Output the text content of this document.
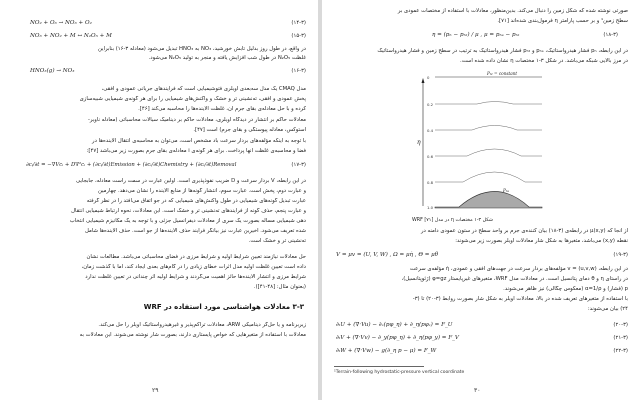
NO₂ + O₃ → NO₃ + O₂	(۱۴-۳)
NO₃ + NO₂ + M ↔ N₂O₅ + M	(۱۵-۳)
در واقع، در طول روز بدلیل تابش خورشید، NO₃ به HNO₃ تبدیل می‌شود (معادله ۳-۱۶) بنابراین
غلظت N₂O₅ در طول شب افزایش یافته و منجر به تولید N₂O₅ می‌شود.
HNO₃(g) → NO₃	(۱۶-۳)
مدل CMAQ یک مدل سه‌بعدی اویلری فتوشیمیایی است که فرایندهای جریانی عمودی و افقی،
پخش عمودی و افقی، ته‌نشینی تر و خشک و واکنش‌های شیمیایی را برای هر گونه‌ی شیمیایی شبیه‌سازی
کرده و با حل معادله‌ی بقای جرم آن، غلظت آلاینده‌ها را محاسبه می‌کند [۴۶].
معادلات حاکم بر انتشار در دیدگاه اویلری، معادلات حاکم بر دینامیک سیالات محاسباتی (معادله ناویر-
استوکس، معادله پیوستگی و بقای جرم) است [۴۷].
با توجه به اینکه مؤلفه‌های بردار سرعت باد مشخص است، می‌توان به محاسبه‌ی انتقال آلاینده‌ها در
فضا و محاسبه‌ی غلظت آنها پرداخت. برای هر گونه‌ی i معادله‌ی بقای جرم بصورت زیر می‌باشد [۴۷]:
∂cᵢ/∂t = −∇Vcᵢ + D∇²cᵢ + (∂cᵢ/∂t)Emission + (∂cᵢ/∂t)Chemistry + (∂cᵢ/∂t)Removal	(۱۷-۳)
در این رابطه، V بردار سرعت و D ضریب نفوذپذیری است. اولین عبارت در سمت راست معادله، جابجایی
و عبارت دوم، پخش است. عبارت سوم، انتشار گونه‌ها از منابع آلاینده را نشان می‌دهد. چهارمین
عبارت تبدیل گونه‌های شیمیایی در طول واکنش‌های شیمیایی که در جو اتفاق می‌افتد را در نظر گرفته
و عبارت پنجم، حذف گونه از فرایندهای ته‌نشینی تر و خشک است. این معادلات، نحوه ارتباط شیمیایی انتقال
دهی شیمیایی مسأله بصورت یک سری از معادلات دیفرانسیل جزئی و با توجه به یک مکانیزم شیمیایی انتخاب
شده تعریف می‌شود. اخیرین عبارت نیز بیانگر فرآیند حذف آلاینده‌ها از جو است. حذف آلاینده‌ها شامل
ته‌نشینی تر و خشک است.
حل معادلات نیازمند تعیین شرایط اولیه و شرایط مرزی در فضای محاسباتی می‌باشد. مطالعات نشان
داده است تعیین غلظت اولیه مدل اثرات خطای زیادی را در گام‌های بعدی ایجاد کند، اما با گذشت زمان،
شرایط مرزی و انتشار آلاینده‌ها حائز اهمیت می‌گردند و شرایط اولیه اثر چندانی در تعیین غلظت ندارد
(بعنوان مثال: [۴۸-۴۱]).
۳-۳ معادلات هواشناسی مورد استفاده در WRF
زیربرنامه و یا حل‌گر دینامیکی ARW، معادلات تراکم‌پذیر و غیرهیدرواستاتیک اویلر را حل می‌کند.
معادلات با استفاده از متغیرهایی که خواص پایستاری دارند، بصورت شار نوشته می‌شوند. این معادلات به
۲۹
صورتی نوشته شده که شکل زمین را دنبال می‌کند. بدین‌منظور، معادلات با استفاده از مختصات عمودی بر
سطح زمین¹ و بر حسب پارامتر η فرمول‌بندی شده‌اند [۷۱].
η = (pₕ − pₕₜ) / μ , μ = pₕₛ − pₕₜ	(۱۸-۳)
در این رابطه، pₕ فشار هیدرواستاتیک، pₕₛ و pₕₜ فشار هیدرواستاتیک به ترتیب در سطح زمین و فشار هیدرواستاتیک
در مرز بالایی شبکه می‌باشد. در شکل ۳-۱ مختصات η نشان داده شده است.
Pₕₜ = constant
η
0
0.2
0.4
0.6
0.8
1.0
Pₕₛ
شکل ۳-۱ مختصات η در مدل WRF [۷۱]
از آنجا که μ(x,y) در رابطه‌ی (۳-۱۸) بیان کننده‌ی جرم بر واحد سطح در ستون عمودی دامنه در
نقطه (x,y) می‌باشد، متغیرها به شکل شار معادلات اویلر بصورت زیر می‌شوند:
V = μv = (U, V, W) , Ω = μη̇ , Θ = μθ	(۱۹-۳)
در این رابطه، v = (u,v,w) مؤلفه‌های بردار سرعت در جهت‌های افقی و عمودی، η̇ مؤلفه‌ی سرعت
در راستای η و θ دمای پتانسیل است. در معادلات مدل WRF، متغیرهای غیرپایستار φ=gz (ژئوپتانسیل)،
p (فشار) و α=1/ρ (معکوس چگالی) نیز ظاهر می‌شوند.
با استفاده از متغیرهای تعریف شده در بالا، معادلات اویلر به شکل شار بصورت روابط (۳-۲۰) تا (۳-
۲۴) بیان می‌شوند:
∂ₜU + (∇·Vu) − ∂ₓ(pφ_η) + ∂_η(pφₓ) = F_U	(۲۰-۳)
∂ₜV + (∇·Vv) − ∂_y(pφ_η) + ∂_η(pφ_y) = F_V	(۲۱-۳)
∂ₜW + (∇·Vw) − g(∂_η p − μ) = F_W	(۲۲-۳)
¹Terrain-following hydrostatic-pressure vertical coordinate
۳۰
